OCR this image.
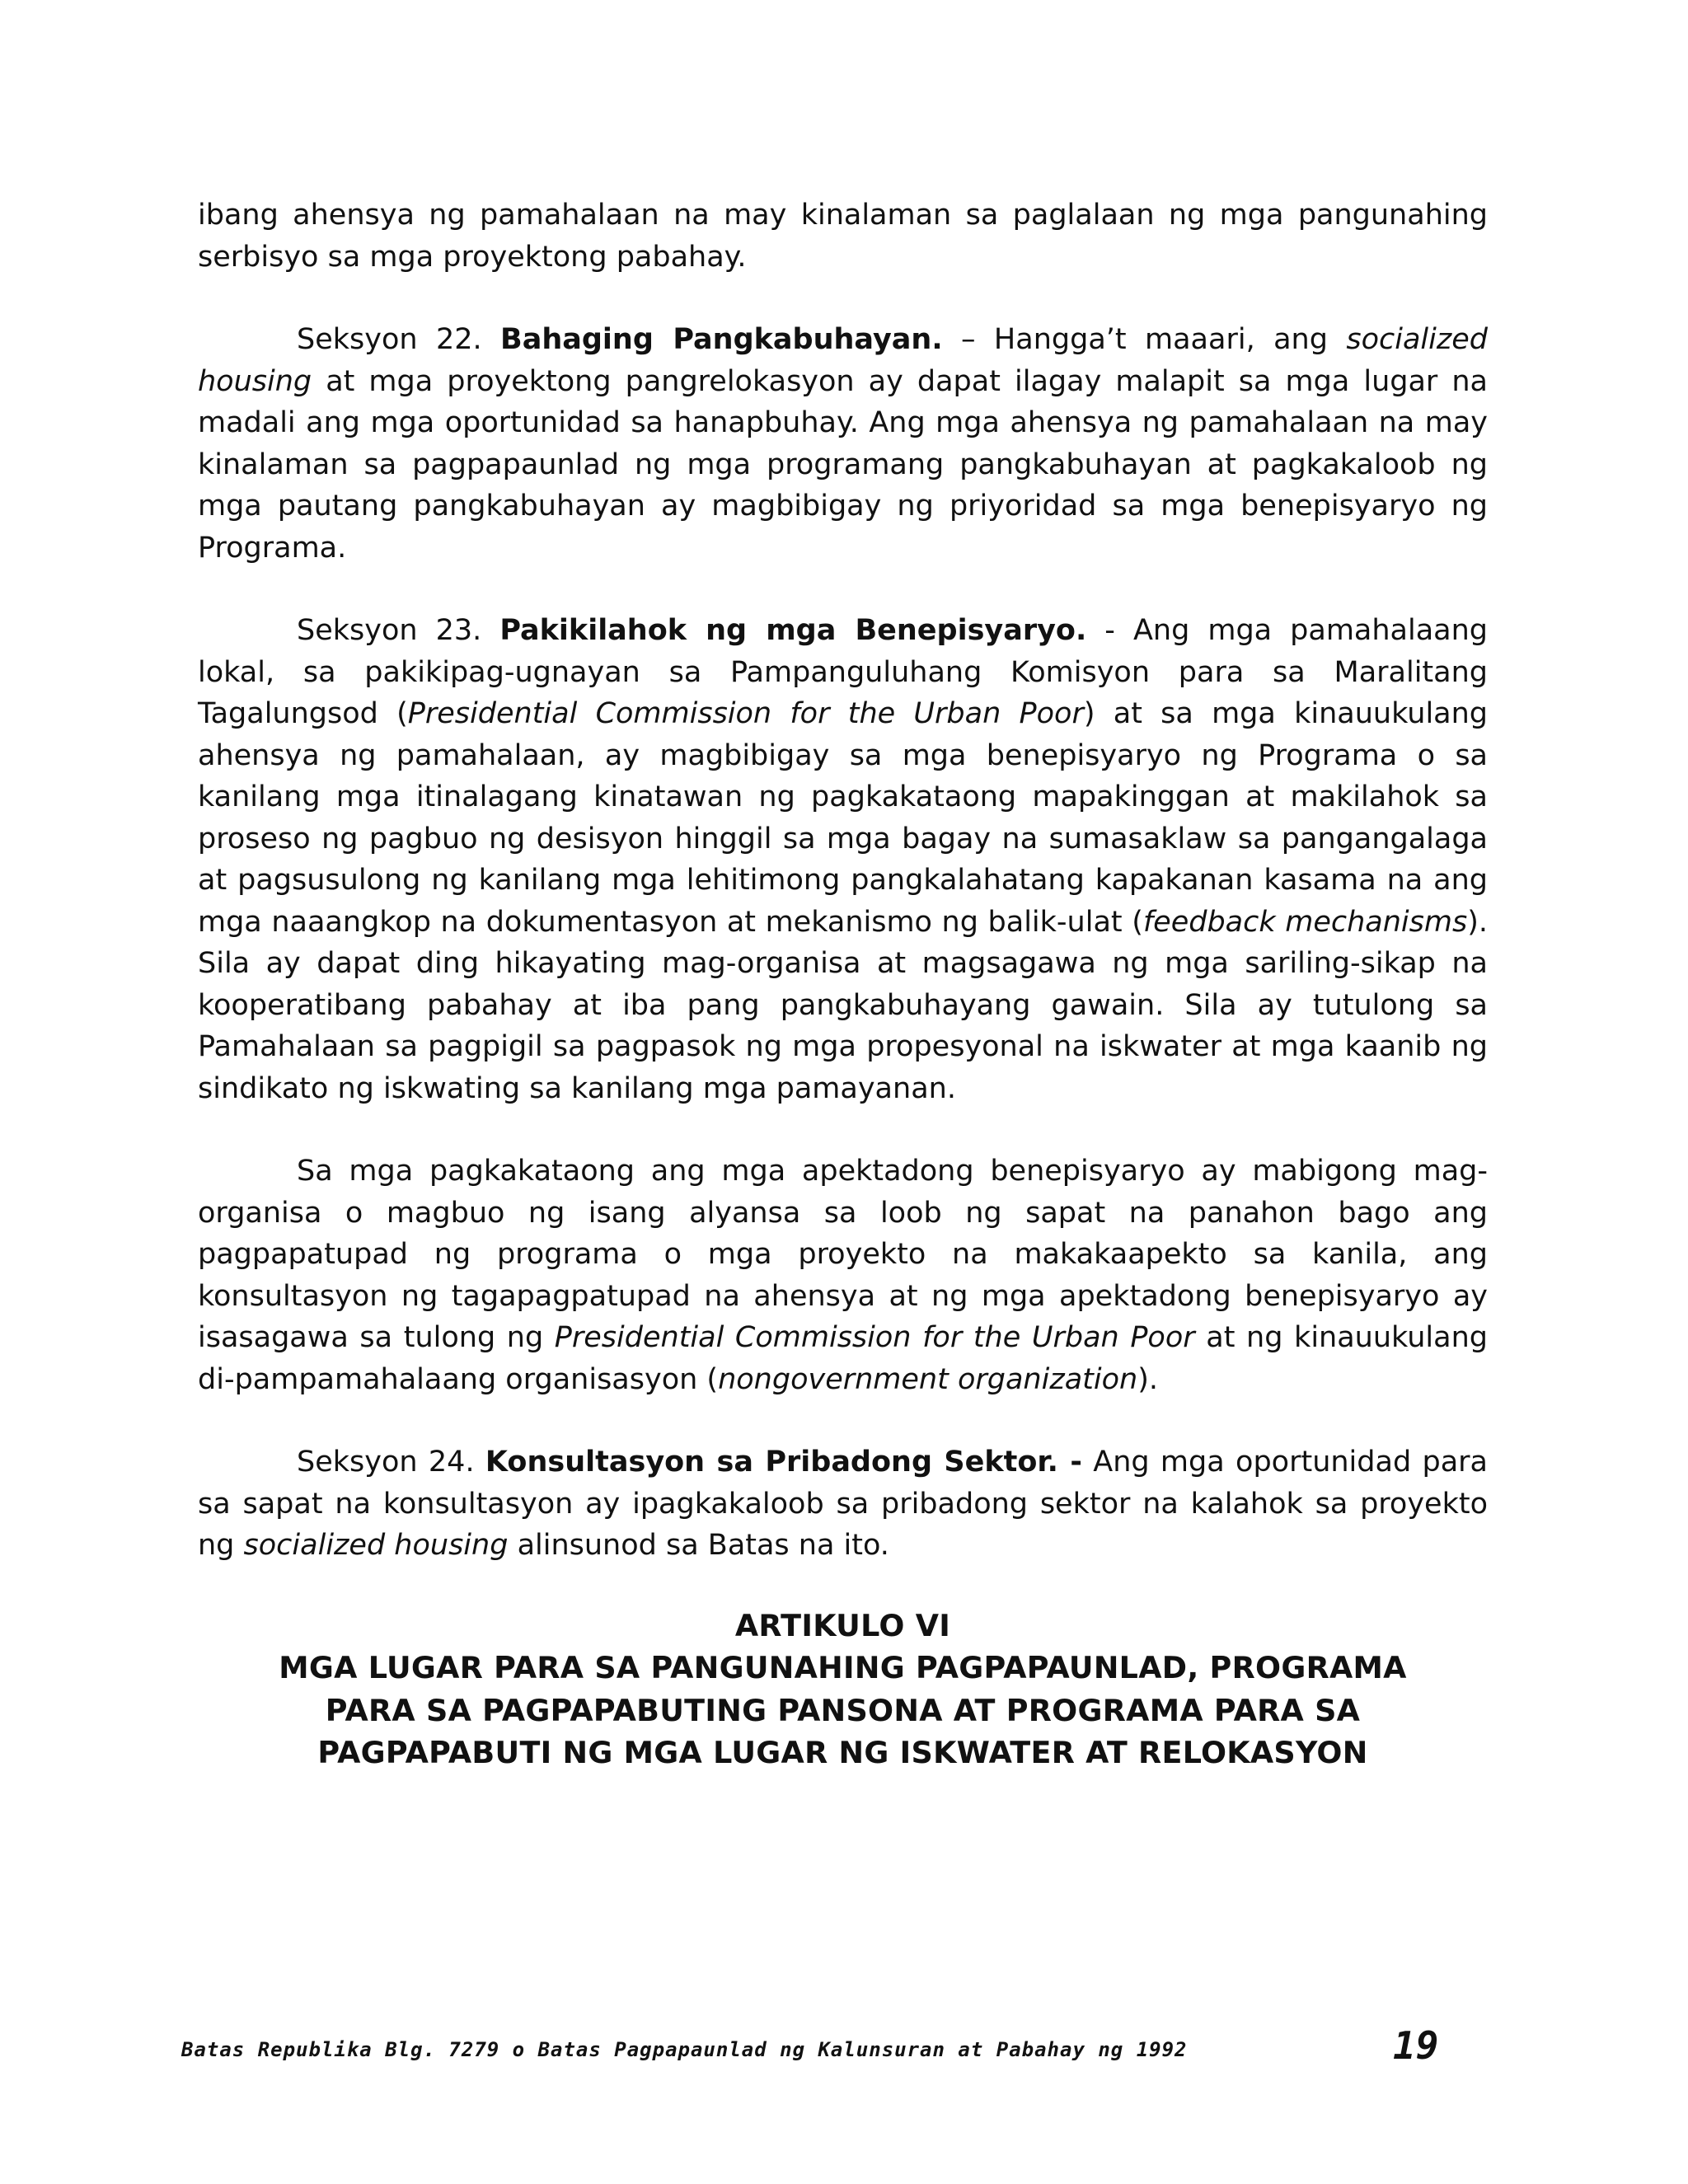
ibang ahensya ng pamahalaan na may kinalaman sa paglalaan ng mga pangunahing serbisyo sa mga proyektong pabahay.

Seksyon 22. Bahaging Pangkabuhayan. – Hangga’t maaari, ang socialized housing at mga proyektong pangrelokasyon ay dapat ilagay malapit sa mga lugar na madali ang mga oportunidad sa hanapbuhay. Ang mga ahensya ng pamahalaan na may kinalaman sa pagpapaunlad ng mga programang pangkabuhayan at pagkakaloob ng mga pautang pangkabuhayan ay magbibigay ng priyoridad sa mga benepisyaryo ng Programa.

Seksyon 23. Pakikilahok ng mga Benepisyaryo. - Ang mga pamahalaang lokal, sa pakikipag-ugnayan sa Pampanguluhang Komisyon para sa Maralitang Tagalungsod (Presidential Commission for the Urban Poor) at sa mga kinauukulang ahensya ng pamahalaan, ay magbibigay sa mga benepisyaryo ng Programa o sa kanilang mga itinalagang kinatawan ng pagkakataong mapakinggan at makilahok sa proseso ng pagbuo ng desisyon hinggil sa mga bagay na sumasaklaw sa pangangalaga at pagsusulong ng kanilang mga lehitimong pangkalahatang kapakanan kasama na ang mga naaangkop na dokumentasyon at mekanismo ng balik-ulat (feedback mechanisms). Sila ay dapat ding hikayating mag-organisa at magsagawa ng mga sariling-sikap na kooperatibang pabahay at iba pang pangkabuhayang gawain. Sila ay tutulong sa Pamahalaan sa pagpigil sa pagpasok ng mga propesyonal na iskwater at mga kaanib ng sindikato ng iskwating sa kanilang mga pamayanan.

Sa mga pagkakataong ang mga apektadong benepisyaryo ay mabigong mag-organisa o magbuo ng isang alyansa sa loob ng sapat na panahon bago ang pagpapatupad ng programa o mga proyekto na makakaapekto sa kanila, ang konsultasyon ng tagapagpatupad na ahensya at ng mga apektadong benepisyaryo ay isasagawa sa tulong ng Presidential Commission for the Urban Poor at ng kinauukulang di-pampamahalaang organisasyon (nongovernment organization).

Seksyon 24. Konsultasyon sa Pribadong Sektor. - Ang mga oportunidad para sa sapat na konsultasyon ay ipagkakaloob sa pribadong sektor na kalahok sa proyekto ng socialized housing alinsunod sa Batas na ito.

ARTIKULO VI
MGA LUGAR PARA SA PANGUNAHING PAGPAPAUNLAD, PROGRAMA
PARA SA PAGPAPABUTING PANSONA AT PROGRAMA PARA SA
PAGPAPABUTI NG MGA LUGAR NG ISKWATER AT RELOKASYON
Batas Republika Blg. 7279 o Batas Pagpapaunlad ng Kalunsuran at Pabahay ng 1992	19
